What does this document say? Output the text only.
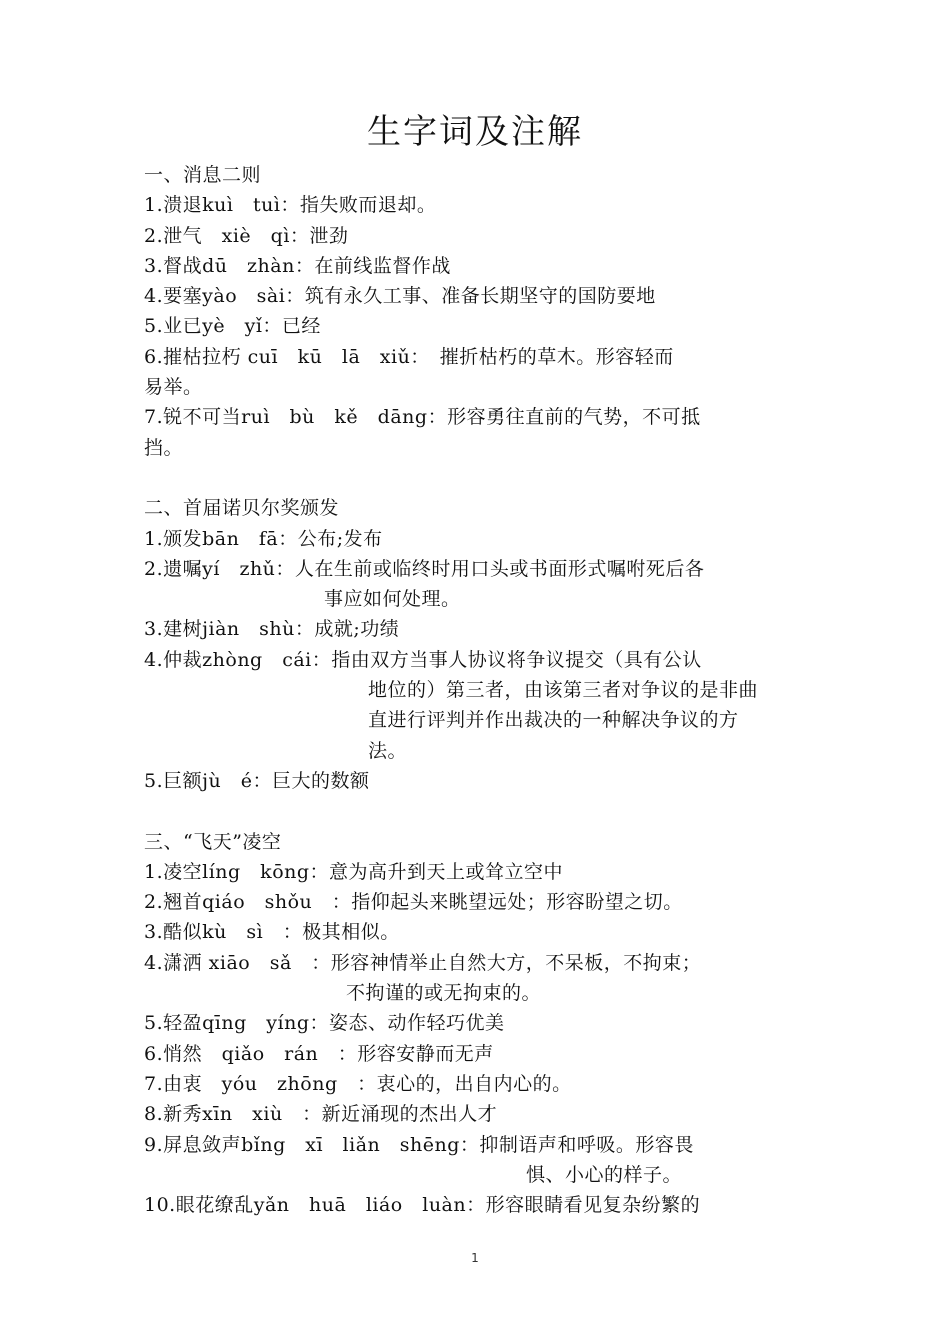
生字词及注解
一、消息二则
1.溃退kuì　tuì：指失败而退却。
2.泄气　xiè　qì：泄劲
3.督战dū　zhàn：在前线监督作战
4.要塞yào　sài：筑有永久工事、准备长期坚守的国防要地
5.业已yè　yǐ：已经
6.摧枯拉朽 cuī　kū　lā　xiǔ：　摧折枯朽的草木。形容轻而
易举。
7.锐不可当ruì　bù　kě　dāng：形容勇往直前的气势，不可抵
挡。
二、首届诺贝尔奖颁发
1.颁发bān　fā：公布;发布
2.遗嘱yí　zhǔ：人在生前或临终时用口头或书面形式嘱咐死后各
事应如何处理。
3.建树jiàn　shù：成就;功绩
4.仲裁zhòng　cái：指由双方当事人协议将争议提交（具有公认
地位的）第三者，由该第三者对争议的是非曲
直进行评判并作出裁决的一种解决争议的方
法。
5.巨额jù　é：巨大的数额
三、“飞天”凌空
1.凌空líng　kōng：意为高升到天上或耸立空中
2.翘首qiáo　shǒu　：指仰起头来眺望远处；形容盼望之切。
3.酷似kù　sì　：极其相似。
4.潇洒 xiāo　sǎ　：形容神情举止自然大方，不呆板，不拘束；
不拘谨的或无拘束的。
5.轻盈qīng　yíng：姿态、动作轻巧优美
6.悄然　qiǎo　rán　：形容安静而无声
7.由衷　yóu　zhōng　：衷心的，出自内心的。
8.新秀xīn　xiù　：新近涌现的杰出人才
9.屏息敛声bǐng　xī　liǎn　shēng：抑制语声和呼吸。形容畏
惧、小心的样子。
10.眼花缭乱yǎn　huā　liáo　luàn：形容眼睛看见复杂纷繁的
1
